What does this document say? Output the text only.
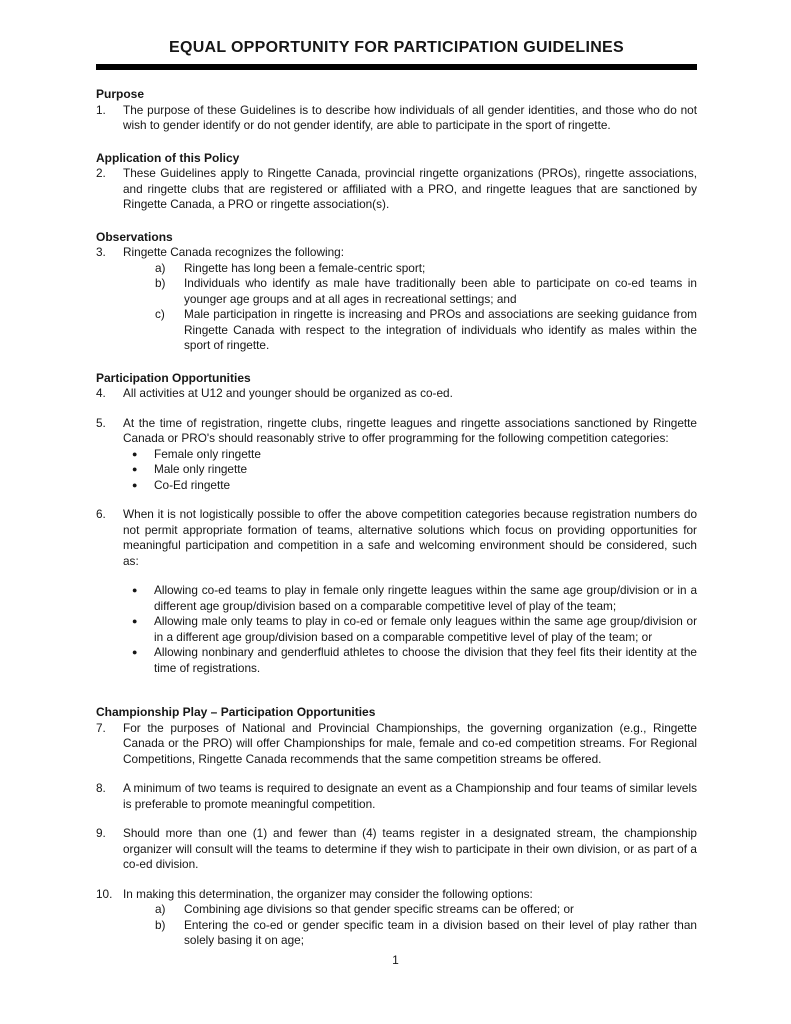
EQUAL OPPORTUNITY FOR PARTICIPATION GUIDELINES
Purpose
1.	The purpose of these Guidelines is to describe how individuals of all gender identities, and those who do not wish to gender identify or do not gender identify, are able to participate in the sport of ringette.
Application of this Policy
2.	These Guidelines apply to Ringette Canada, provincial ringette organizations (PROs), ringette associations, and ringette clubs that are registered or affiliated with a PRO, and ringette leagues that are sanctioned by Ringette Canada, a PRO or ringette association(s).
Observations
3.	Ringette Canada recognizes the following:
a)	Ringette has long been a female-centric sport;
b)	Individuals who identify as male have traditionally been able to participate on co-ed teams in younger age groups and at all ages in recreational settings; and
c)	Male participation in ringette is increasing and PROs and associations are seeking guidance from Ringette Canada with respect to the integration of individuals who identify as males within the sport of ringette.
Participation Opportunities
4.	All activities at U12 and younger should be organized as co-ed.
5.	At the time of registration, ringette clubs, ringette leagues and ringette associations sanctioned by Ringette Canada or PRO's should reasonably strive to offer programming for the following competition categories:
●	Female only ringette
●	Male only ringette
●	Co-Ed ringette
6.	When it is not logistically possible to offer the above competition categories because registration numbers do not permit appropriate formation of teams, alternative solutions which focus on providing opportunities for meaningful participation and competition in a safe and welcoming environment should be considered, such as:
●	Allowing co-ed teams to play in female only ringette leagues within the same age group/division or in a different age group/division based on a comparable competitive level of play of the team;
●	Allowing male only teams to play in co-ed or female only leagues within the same age group/division or in a different age group/division based on a comparable competitive level of play of the team; or
●	Allowing nonbinary and genderfluid athletes to choose the division that they feel fits their identity at the time of registrations.
Championship Play – Participation Opportunities
7.	For the purposes of National and Provincial Championships, the governing organization (e.g., Ringette Canada or the PRO) will offer Championships for male, female and co-ed competition streams. For Regional Competitions, Ringette Canada recommends that the same competition streams be offered.
8.	A minimum of two teams is required to designate an event as a Championship and four teams of similar levels is preferable to promote meaningful competition.
9.	Should more than one (1) and fewer than (4) teams register in a designated stream, the championship organizer will consult will the teams to determine if they wish to participate in their own division, or as part of a co-ed division.
10. In making this determination, the organizer may consider the following options:
a)	Combining age divisions so that gender specific streams can be offered; or
b)	Entering the co-ed or gender specific team in a division based on their level of play rather than solely basing it on age;
1
